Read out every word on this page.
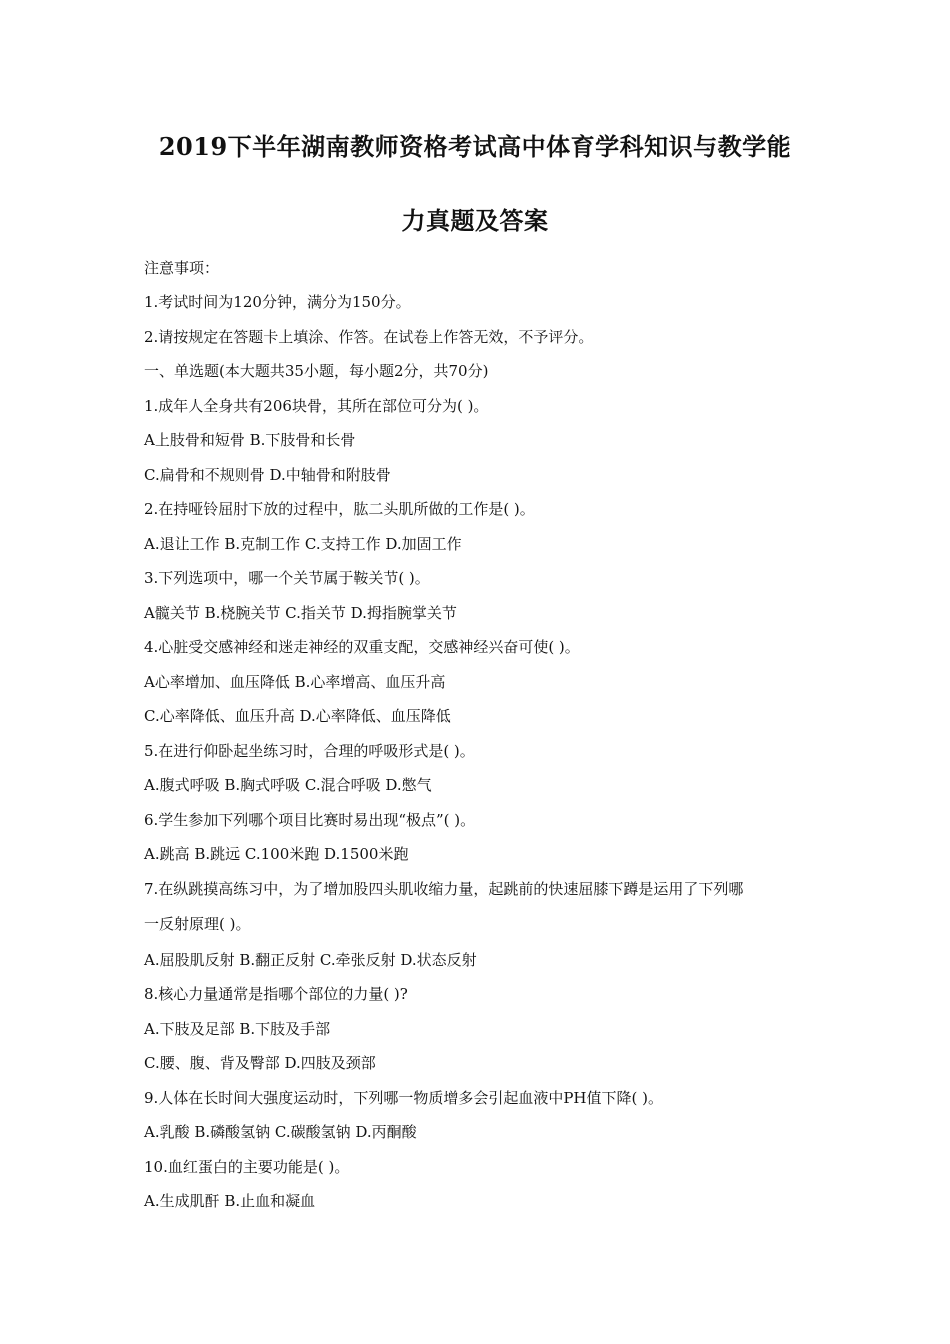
2019下半年湖南教师资格考试高中体育学科知识与教学能
力真题及答案
注意事项：
1.考试时间为120分钟，满分为150分。
2.请按规定在答题卡上填涂、作答。在试卷上作答无效，不予评分。
一、单选题(本大题共35小题，每小题2分，共70分)
1.成年人全身共有206块骨，其所在部位可分为( )。
A上肢骨和短骨 B.下肢骨和长骨
C.扁骨和不规则骨 D.中轴骨和附肢骨
2.在持哑铃屈肘下放的过程中，肱二头肌所做的工作是( )。
A.退让工作 B.克制工作 C.支持工作 D.加固工作
3.下列选项中，哪一个关节属于鞍关节( )。
A髋关节 B.桡腕关节 C.指关节 D.拇指腕掌关节
4.心脏受交感神经和迷走神经的双重支配，交感神经兴奋可使( )。
A心率增加、血压降低 B.心率增高、血压升高
C.心率降低、血压升高 D.心率降低、血压降低
5.在进行仰卧起坐练习时，合理的呼吸形式是( )。
A.腹式呼吸 B.胸式呼吸 C.混合呼吸 D.憋气
6.学生参加下列哪个项目比赛时易出现“极点”( )。
A.跳高 B.跳远 C.100米跑 D.1500米跑
7.在纵跳摸高练习中，为了增加股四头肌收缩力量，起跳前的快速屈膝下蹲是运用了下列哪
一反射原理( )。
A.屈股肌反射 B.翻正反射 C.牵张反射 D.状态反射
8.核心力量通常是指哪个部位的力量( )?
A.下肢及足部 B.下肢及手部
C.腰、腹、背及臀部 D.四肢及颈部
9.人体在长时间大强度运动时，下列哪一物质增多会引起血液中PH值下降( )。
A.乳酸 B.磷酸氢钠 C.碳酸氢钠 D.丙酮酸
10.血红蛋白的主要功能是( )。
A.生成肌酐 B.止血和凝血
